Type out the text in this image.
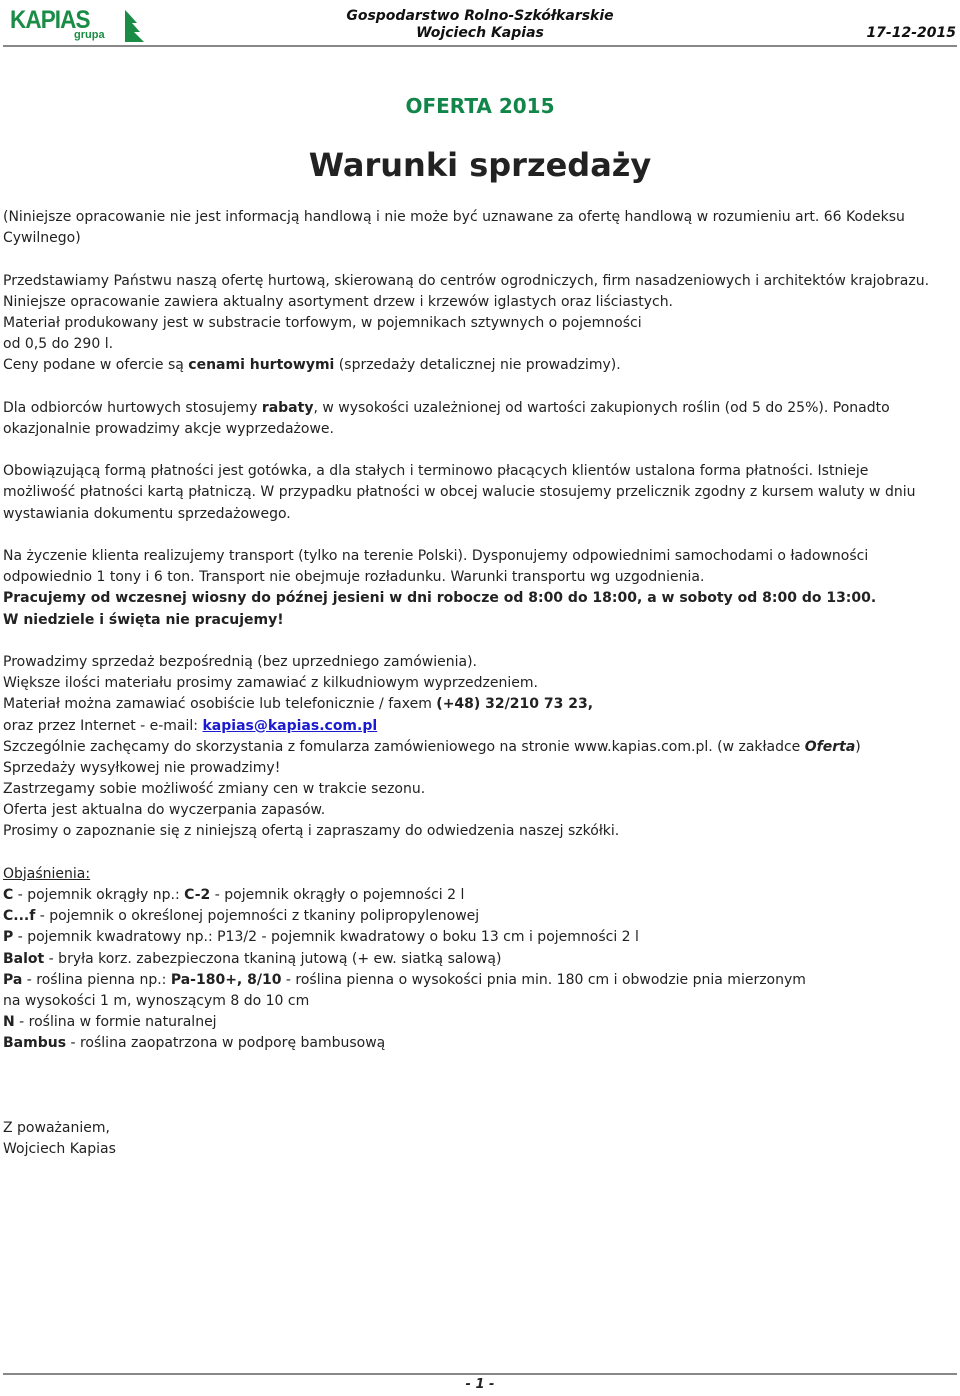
KAPIAS
grupa
Gospodarstwo Rolno-Szkółkarskie
Wojciech Kapias	17-12-2015
OFERTA 2015
Warunki sprzedaży
(Niniejsze opracowanie nie jest informacją handlową i nie może być uznawane za ofertę handlową w rozumieniu art. 66 Kodeksu
Cywilnego)
Przedstawiamy Państwu naszą ofertę hurtową, skierowaną do centrów ogrodniczych, firm nasadzeniowych i architektów krajobrazu.
Niniejsze opracowanie zawiera aktualny asortyment drzew i krzewów iglastych oraz liściastych.
Materiał produkowany jest w substracie torfowym, w pojemnikach sztywnych o pojemności
od 0,5 do 290 l.
Ceny podane w ofercie są cenami hurtowymi (sprzedaży detalicznej nie prowadzimy).
Dla odbiorców hurtowych stosujemy rabaty, w wysokości uzależnionej od wartości zakupionych roślin (od 5 do 25%). Ponadto
okazjonalnie prowadzimy akcje wyprzedażowe.
Obowiązującą formą płatności jest gotówka, a dla stałych i terminowo płacących klientów ustalona forma płatności. Istnieje
możliwość płatności kartą płatniczą. W przypadku płatności w obcej walucie stosujemy przelicznik zgodny z kursem waluty w dniu
wystawiania dokumentu sprzedażowego.
Na życzenie klienta realizujemy transport (tylko na terenie Polski). Dysponujemy odpowiednimi samochodami o ładowności
odpowiednio 1 tony i 6 ton. Transport nie obejmuje rozładunku. Warunki transportu wg uzgodnienia.
Pracujemy od wczesnej wiosny do późnej jesieni w dni robocze od 8:00 do 18:00, a w soboty od 8:00 do 13:00.
W niedziele i święta nie pracujemy!
Prowadzimy sprzedaż bezpośrednią (bez uprzedniego zamówienia).
Większe ilości materiału prosimy zamawiać z kilkudniowym wyprzedzeniem.
Materiał można zamawiać osobiście lub telefonicznie / faxem (+48) 32/210 73 23,
oraz przez Internet - e-mail: kapias@kapias.com.pl
Szczególnie zachęcamy do skorzystania z fomularza zamówieniowego na stronie www.kapias.com.pl. (w zakładce Oferta)
Sprzedaży wysyłkowej nie prowadzimy!
Zastrzegamy sobie możliwość zmiany cen w trakcie sezonu.
Oferta jest aktualna do wyczerpania zapasów.
Prosimy o zapoznanie się z niniejszą ofertą i zapraszamy do odwiedzenia naszej szkółki.
Objaśnienia:
C - pojemnik okrągły np.: C-2 - pojemnik okrągły o pojemności 2 l
C...f - pojemnik o określonej pojemności z tkaniny polipropylenowej
P - pojemnik kwadratowy np.: P13/2 - pojemnik kwadratowy o boku 13 cm i pojemności 2 l
Balot - bryła korz. zabezpieczona tkaniną jutową (+ ew. siatką salową)
Pa - roślina pienna np.: Pa-180+, 8/10 - roślina pienna o wysokości pnia min. 180 cm i obwodzie pnia mierzonym
na wysokości 1 m, wynoszącym 8 do 10 cm
N - roślina w formie naturalnej
Bambus - roślina zaopatrzona w podporę bambusową
Z poważaniem,
Wojciech Kapias
- 1 -
